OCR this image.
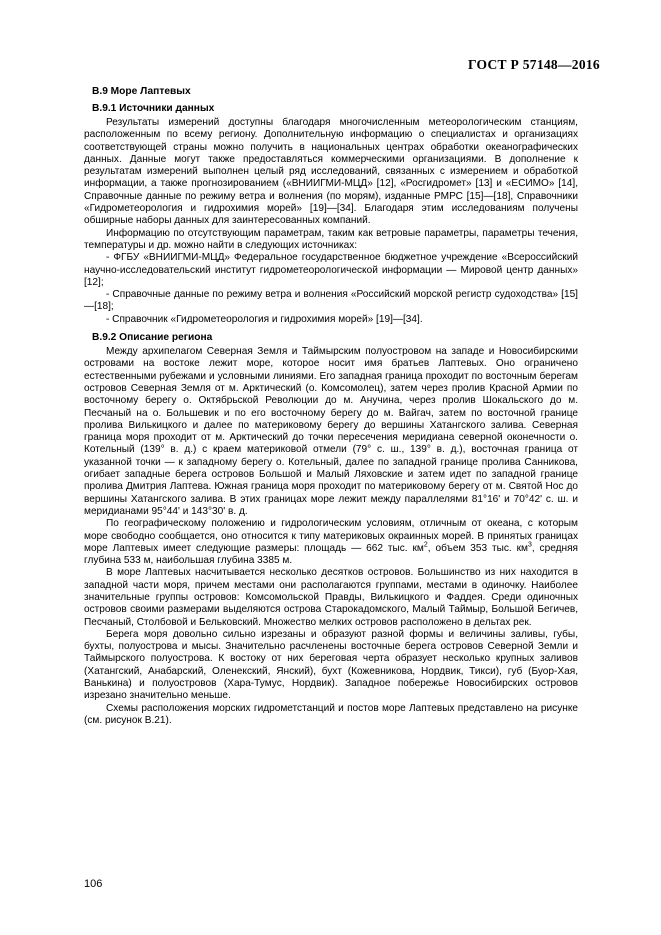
ГОСТ Р 57148—2016
В.9 Море Лаптевых
В.9.1 Источники данных

Результаты измерений доступны благодаря многочисленным метеорологическим станциям, расположенным по всему региону. Дополнительную информацию о специалистах и организациях соответствующей страны можно получить в национальных центрах обработки океанографических данных. Данные могут также предоставляться коммерческими организациями. В дополнение к результатам измерений выполнен целый ряд исследований, связанных с измерением и обработкой информации, а также прогнозированием («ВНИИГМИ-МЦД» [12], «Росгидромет» [13] и «ЕСИМО» [14], Справочные данные по режиму ветра и волнения (по морям), изданные РМРС [15]—[18], Справочники «Гидрометеорология и гидрохимия морей» [19]—[34]. Благодаря этим исследованиям получены обширные наборы данных для заинтересованных компаний.

Информацию по отсутствующим параметрам, таким как ветровые параметры, параметры течения, температуры и др. можно найти в следующих источниках:

- ФГБУ «ВНИИГМИ-МЦД» Федеральное государственное бюджетное учреждение «Всероссийский научно-исследовательский институт гидрометеорологической информации — Мировой центр данных» [12];

- Справочные данные по режиму ветра и волнения «Российский морской регистр судоходства» [15]—[18];

- Справочник «Гидрометеорология и гидрохимия морей» [19]—[34].

В.9.2 Описание региона

Между архипелагом Северная Земля и Таймырским полуостровом на западе и Новосибирскими островами на востоке лежит море, которое носит имя братьев Лаптевых. Оно ограничено естественными рубежами и условными линиями. Его западная граница проходит по восточным берегам островов Северная Земля от м. Арктический (о. Комсомолец), затем через пролив Красной Армии по восточному берегу о. Октябрьской Революции до м. Анучина, через пролив Шокальского до м. Песчаный на о. Большевик и по его восточному берегу до м. Вайгач, затем по восточной границе пролива Вилькицкого и далее по материковому берегу до вершины Хатангского залива. Северная граница моря проходит от м. Арктический до точки пересечения меридиана северной оконечности о. Котельный (139° в. д.) с краем материковой отмели (79° с. ш., 139° в. д.), восточная граница от указанной точки — к западному берегу о. Котельный, далее по западной границе пролива Санникова, огибает западные берега островов Большой и Малый Ляховские и затем идет по западной границе пролива Дмитрия Лаптева. Южная граница моря проходит по материковому берегу от м. Святой Нос до вершины Хатангского залива. В этих границах море лежит между параллелями 81°16' и 70°42' с. ш. и меридианами 95°44' и 143°30' в. д.

По географическому положению и гидрологическим условиям, отличным от океана, с которым море свободно сообщается, оно относится к типу материковых окраинных морей. В принятых границах море Лаптевых имеет следующие размеры: площадь — 662 тыс. $км^2$, объем 353 тыс. $км^3$, средняя глубина 533 м, наибольшая глубина 3385 м.

В море Лаптевых насчитывается несколько десятков островов. Большинство из них находится в западной части моря, причем местами они располагаются группами, местами в одиночку. Наиболее значительные группы островов: Комсомольской Правды, Вилькицкого и Фаддея. Среди одиночных островов своими размерами выделяются острова Старокадомского, Малый Таймыр, Большой Бегичев, Песчаный, Столбовой и Бельковский. Множество мелких островов расположено в дельтах рек.

Берега моря довольно сильно изрезаны и образуют разной формы и величины заливы, губы, бухты, полуострова и мысы. Значительно расчленены восточные берега островов Северной Земли и Таймырского полуострова. К востоку от них береговая черта образует несколько крупных заливов (Хатангский, Анабарский, Оленекский, Янский), бухт (Кожевникова, Нордвик, Тикси), губ (Буор-Хая, Ванькина) и полуостровов (Хара-Тумус, Нордвик). Западное побережье Новосибирских островов изрезано значительно меньше.

Схемы расположения морских гидрометстанций и постов море Лаптевых представлено на рисунке (см. рисунок В.21).

106
